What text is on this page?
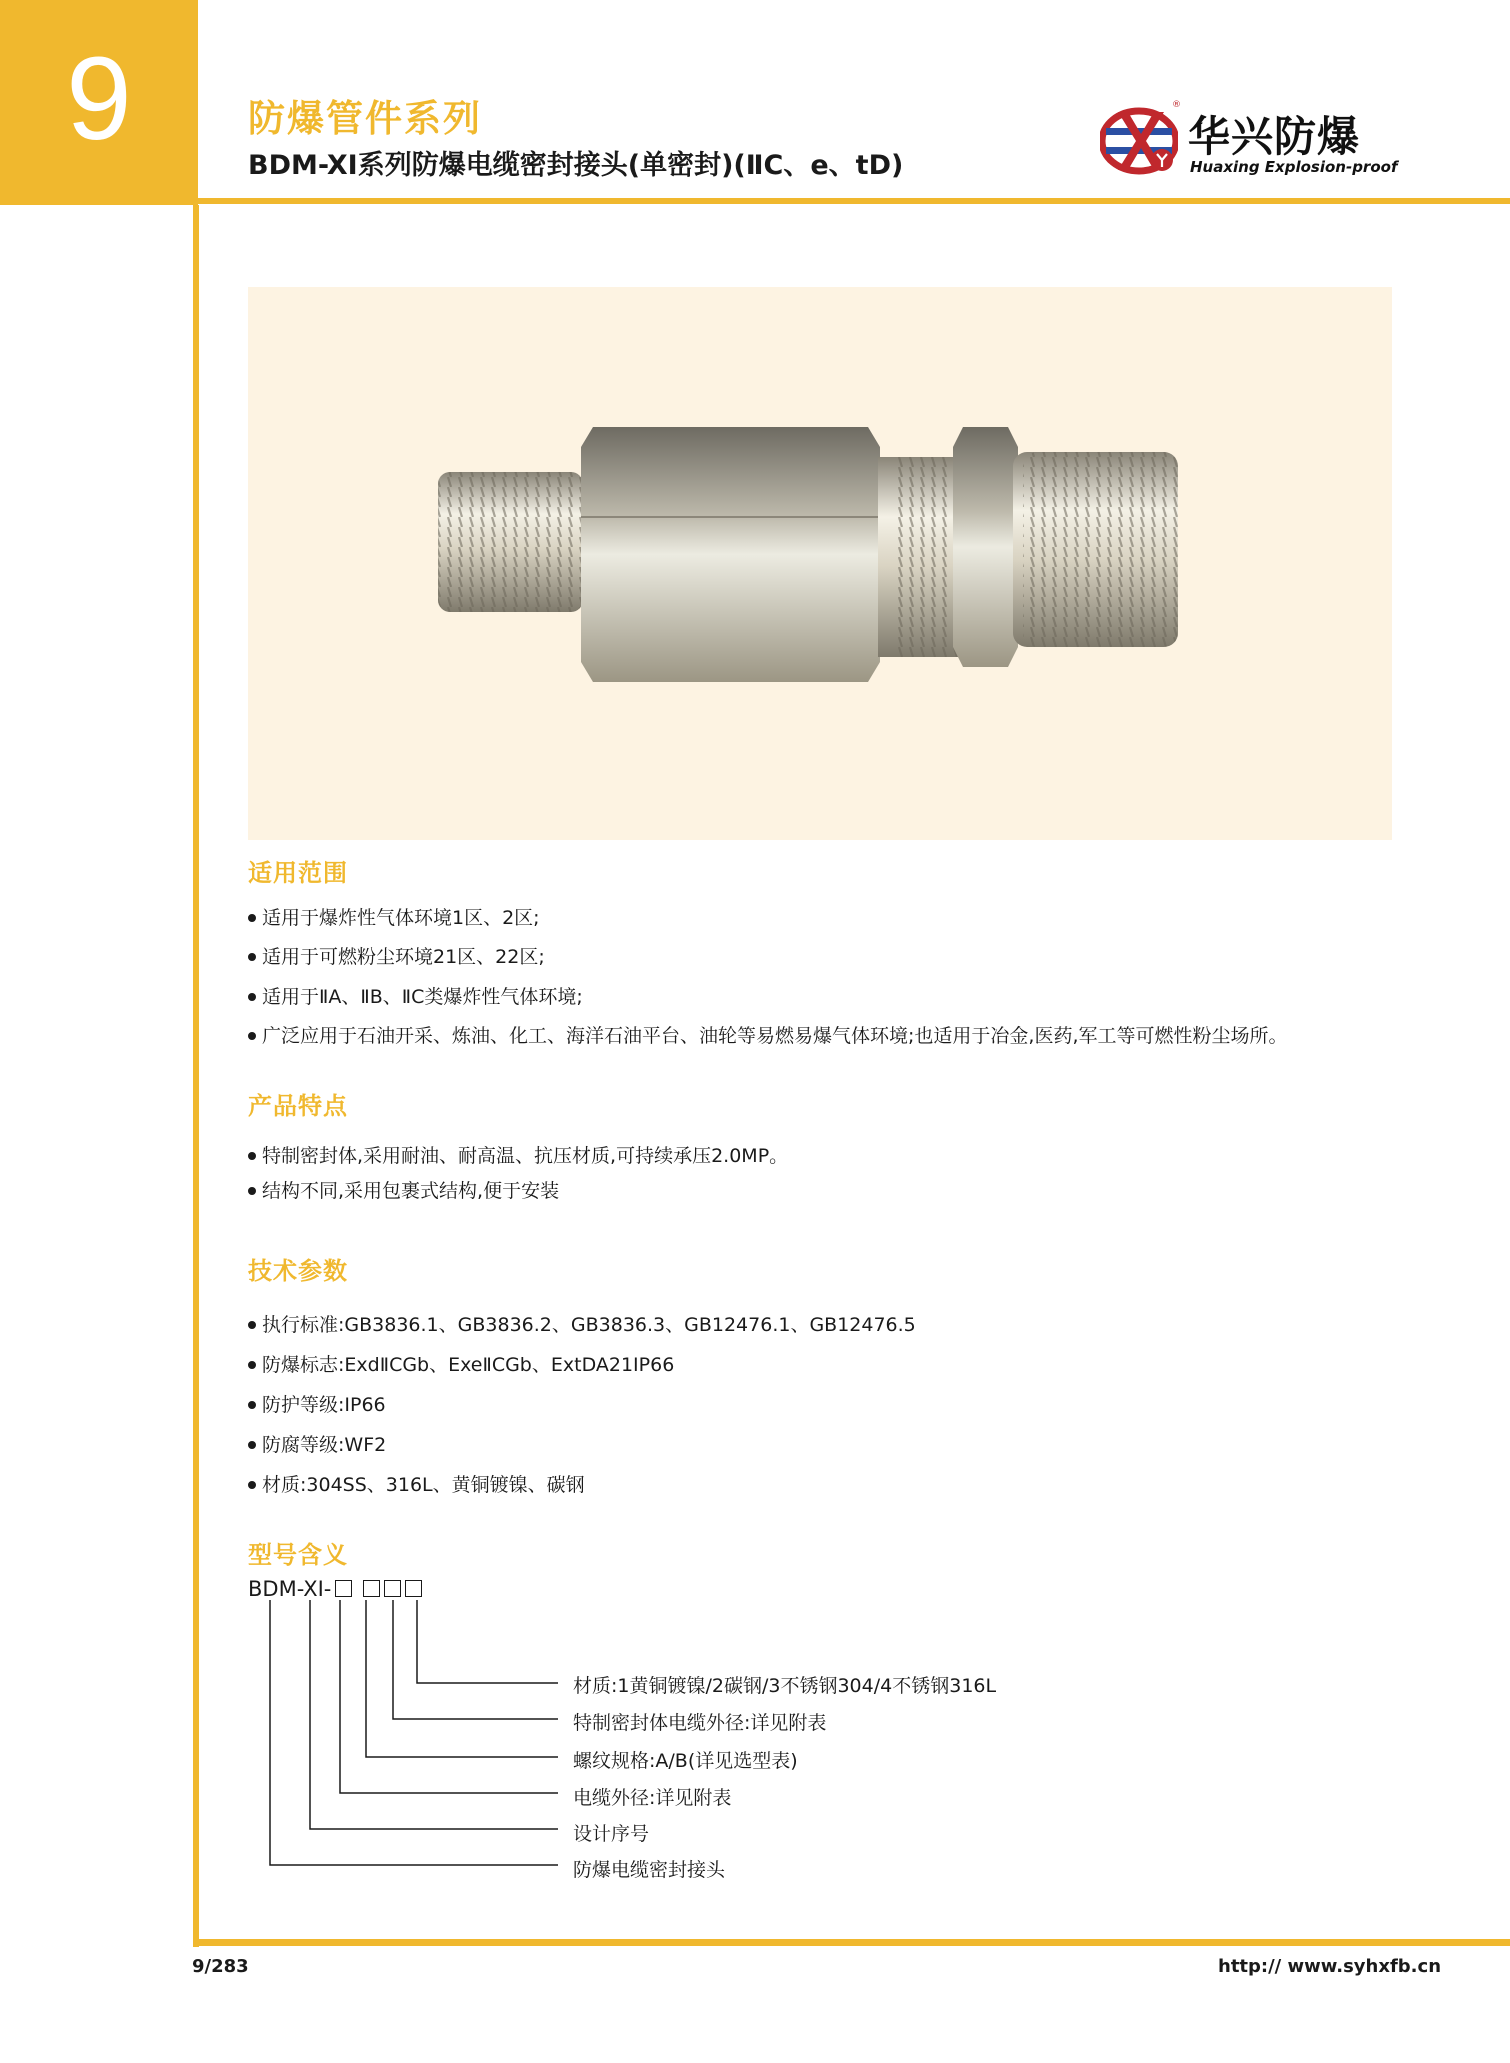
9	防爆管件系列
BDM-XI系列防爆电缆密封接头(单密封)(ⅡC、e、tD)
®
华兴防爆
Huaxing Explosion-proof
适用范围
适用于爆炸性气体环境1区、2区;
适用于可燃粉尘环境21区、22区;
适用于ⅡA、ⅡB、ⅡC类爆炸性气体环境;
广泛应用于石油开采、炼油、化工、海洋石油平台、油轮等易燃易爆气体环境;也适用于冶金,医药,军工等可燃性粉尘场所。
产品特点
特制密封体,采用耐油、耐高温、抗压材质,可持续承压2.0MP。
结构不同,采用包裹式结构,便于安装
技术参数
执行标准:GB3836.1、GB3836.2、GB3836.3、GB12476.1、GB12476.5
防爆标志:ExdⅡCGb、ExeⅡCGb、ExtDA21IP66
防护等级:IP66
防腐等级:WF2
材质:304SS、316L、黄铜镀镍、碳钢
型号含义
BDM-XI-
材质:1黄铜镀镍/2碳钢/3不锈钢304/4不锈钢316L
特制密封体电缆外径:详见附表
螺纹规格:A/B(详见选型表)
电缆外径:详见附表
设计序号
防爆电缆密封接头
9/283	http:// www.syhxfb.cn
